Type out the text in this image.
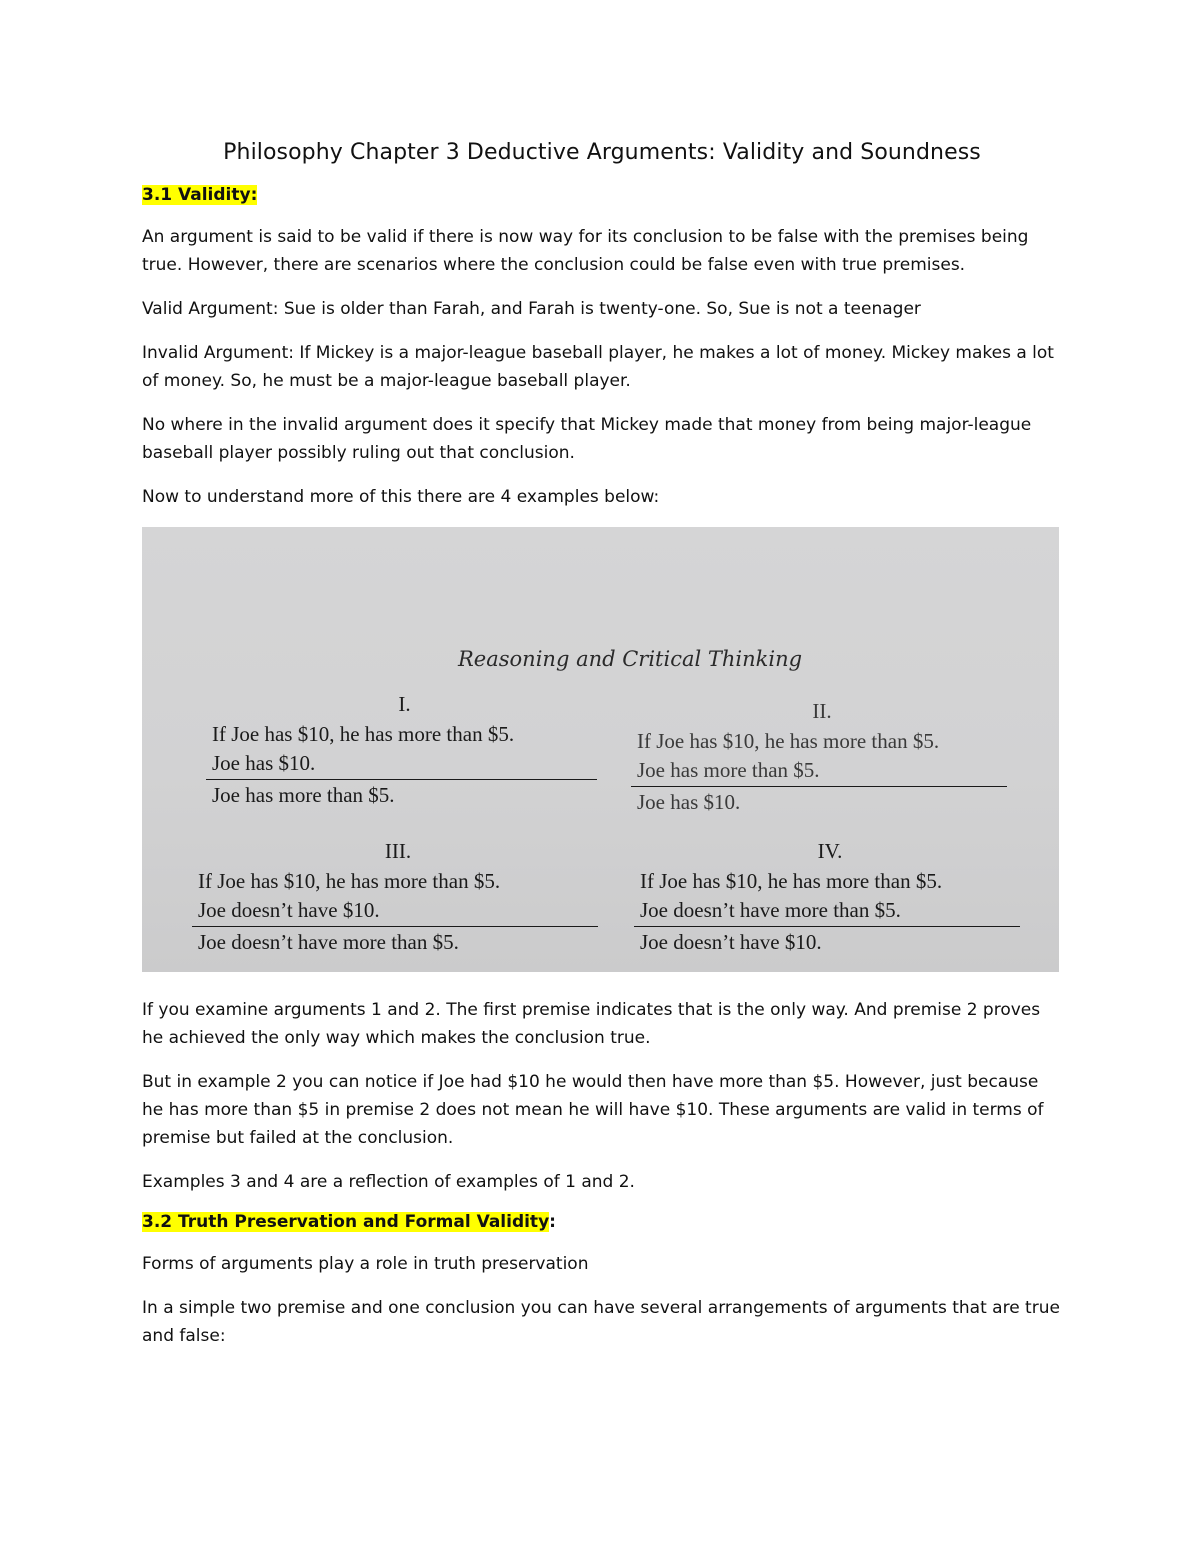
Philosophy Chapter 3 Deductive Arguments: Validity and Soundness
3.1 Validity:

An argument is said to be valid if there is now way for its conclusion to be false with the premises being true. However, there are scenarios where the conclusion could be false even with true premises.

Valid Argument: Sue is older than Farah, and Farah is twenty-one. So, Sue is not a teenager

Invalid Argument: If Mickey is a major-league baseball player, he makes a lot of money. Mickey makes a lot of money. So, he must be a major-league baseball player.

No where in the invalid argument does it specify that Mickey made that money from being major-league baseball player possibly ruling out that conclusion.

Now to understand more of this there are 4 examples below:

Reasoning and Critical Thinking
I.
If Joe has $10, he has more than $5.
Joe has $10.
Joe has more than $5.
II.
If Joe has $10, he has more than $5.
Joe has more than $5.
Joe has $10.
III.
If Joe has $10, he has more than $5.
Joe doesn’t have $10.
Joe doesn’t have more than $5.
IV.
If Joe has $10, he has more than $5.
Joe doesn’t have more than $5.
Joe doesn’t have $10.

If you examine arguments 1 and 2. The first premise indicates that is the only way. And premise 2 proves he achieved the only way which makes the conclusion true.

But in example 2 you can notice if Joe had $10 he would then have more than $5. However, just because he has more than $5 in premise 2 does not mean he will have $10. These arguments are valid in terms of premise but failed at the conclusion.

Examples 3 and 4 are a reflection of examples of 1 and 2.

3.2 Truth Preservation and Formal Validity:

Forms of arguments play a role in truth preservation

In a simple two premise and one conclusion you can have several arrangements of arguments that are true and false:
